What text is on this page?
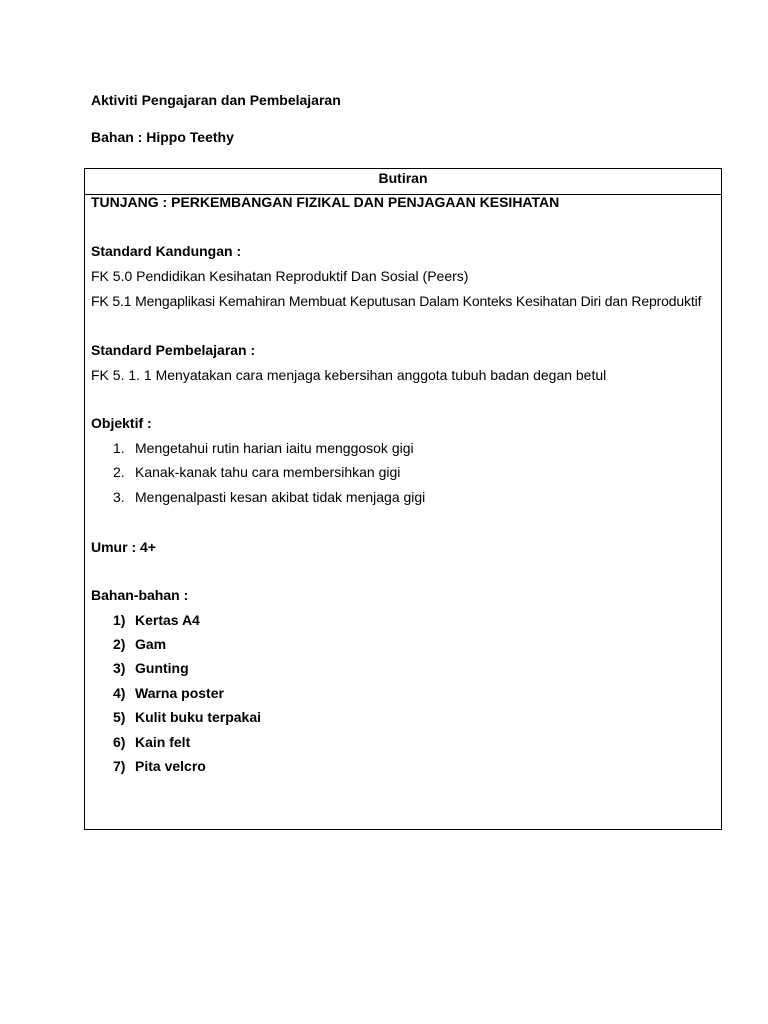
Aktiviti Pengajaran dan Pembelajaran
Bahan : Hippo Teethy
Butiran
TUNJANG : PERKEMBANGAN FIZIKAL DAN PENJAGAAN KESIHATAN
Standard Kandungan :
FK 5.0 Pendidikan Kesihatan Reproduktif Dan Sosial (Peers)
FK 5.1 Mengaplikasi Kemahiran Membuat Keputusan Dalam Konteks Kesihatan Diri dan Reproduktif
Standard Pembelajaran :
FK 5. 1. 1 Menyatakan cara menjaga kebersihan anggota tubuh badan degan betul
Objektif :
1. Mengetahui rutin harian iaitu menggosok gigi
2. Kanak-kanak tahu cara membersihkan gigi
3. Mengenalpasti kesan akibat tidak menjaga gigi
Umur : 4+
Bahan-bahan :
1) Kertas A4
2) Gam
3) Gunting
4) Warna poster
5) Kulit buku terpakai
6) Kain felt
7) Pita velcro
